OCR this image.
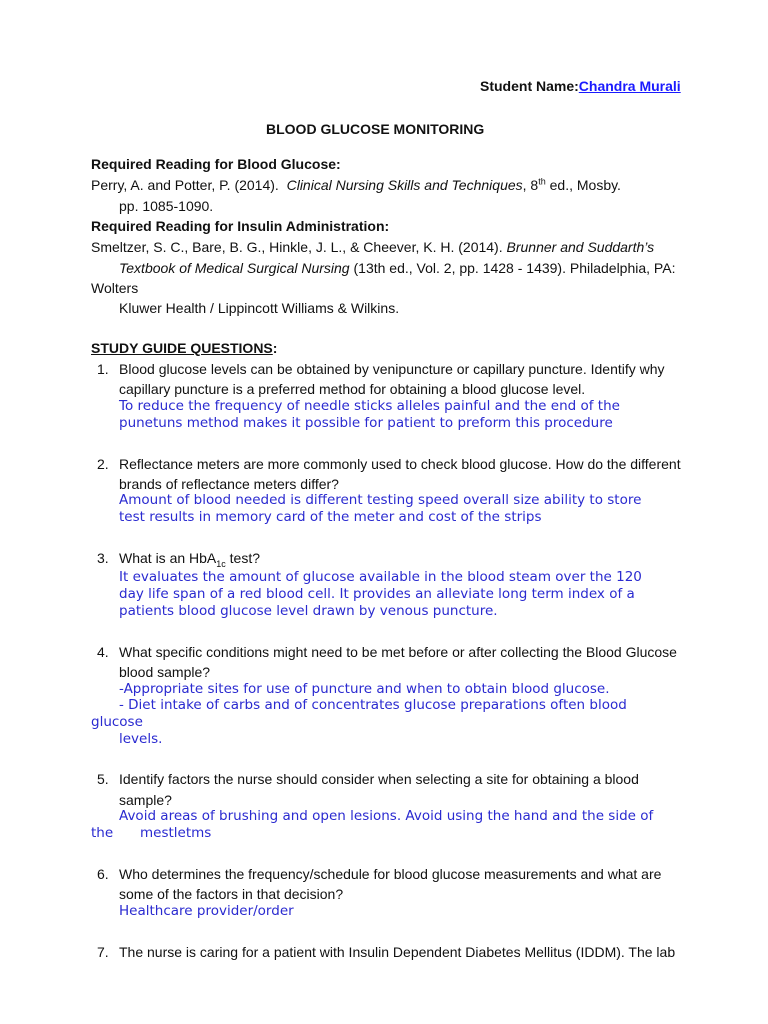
Student Name:Chandra Murali
BLOOD GLUCOSE MONITORING
Required Reading for Blood Glucose:
Perry, A. and Potter, P. (2014). Clinical Nursing Skills and Techniques, 8th ed., Mosby.
pp. 1085-1090.
Required Reading for Insulin Administration:
Smeltzer, S. C., Bare, B. G., Hinkle, J. L., & Cheever, K. H. (2014). Brunner and Suddarth’s
Textbook of Medical Surgical Nursing (13th ed., Vol. 2, pp. 1428 - 1439). Philadelphia, PA:
Wolters
Kluwer Health / Lippincott Williams & Wilkins.
STUDY GUIDE QUESTIONS:
1. Blood glucose levels can be obtained by venipuncture or capillary puncture. Identify why
capillary puncture is a preferred method for obtaining a blood glucose level.
To reduce the frequency of needle sticks alleles painful and the end of the
punetuns method makes it possible for patient to preform this procedure
2. Reflectance meters are more commonly used to check blood glucose. How do the different
brands of reflectance meters differ?
Amount of blood needed is different testing speed overall size ability to store
test results in memory card of the meter and cost of the strips
3. What is an HbA$_{1c}$ test?
It evaluates the amount of glucose available in the blood steam over the 120
day life span of a red blood cell. It provides an alleviate long term index of a
patients blood glucose level drawn by venous puncture.
4. What specific conditions might need to be met before or after collecting the Blood Glucose
blood sample?
-Appropriate sites for use of puncture and when to obtain blood glucose.
- Diet intake of carbs and of concentrates glucose preparations often blood
glucose
levels.
5. Identify factors the nurse should consider when selecting a site for obtaining a blood
sample?
Avoid areas of brushing and open lesions. Avoid using the hand and the side of
the mestletms
6. Who determines the frequency/schedule for blood glucose measurements and what are
some of the factors in that decision?
Healthcare provider/order
7. The nurse is caring for a patient with Insulin Dependent Diabetes Mellitus (IDDM). The lab
